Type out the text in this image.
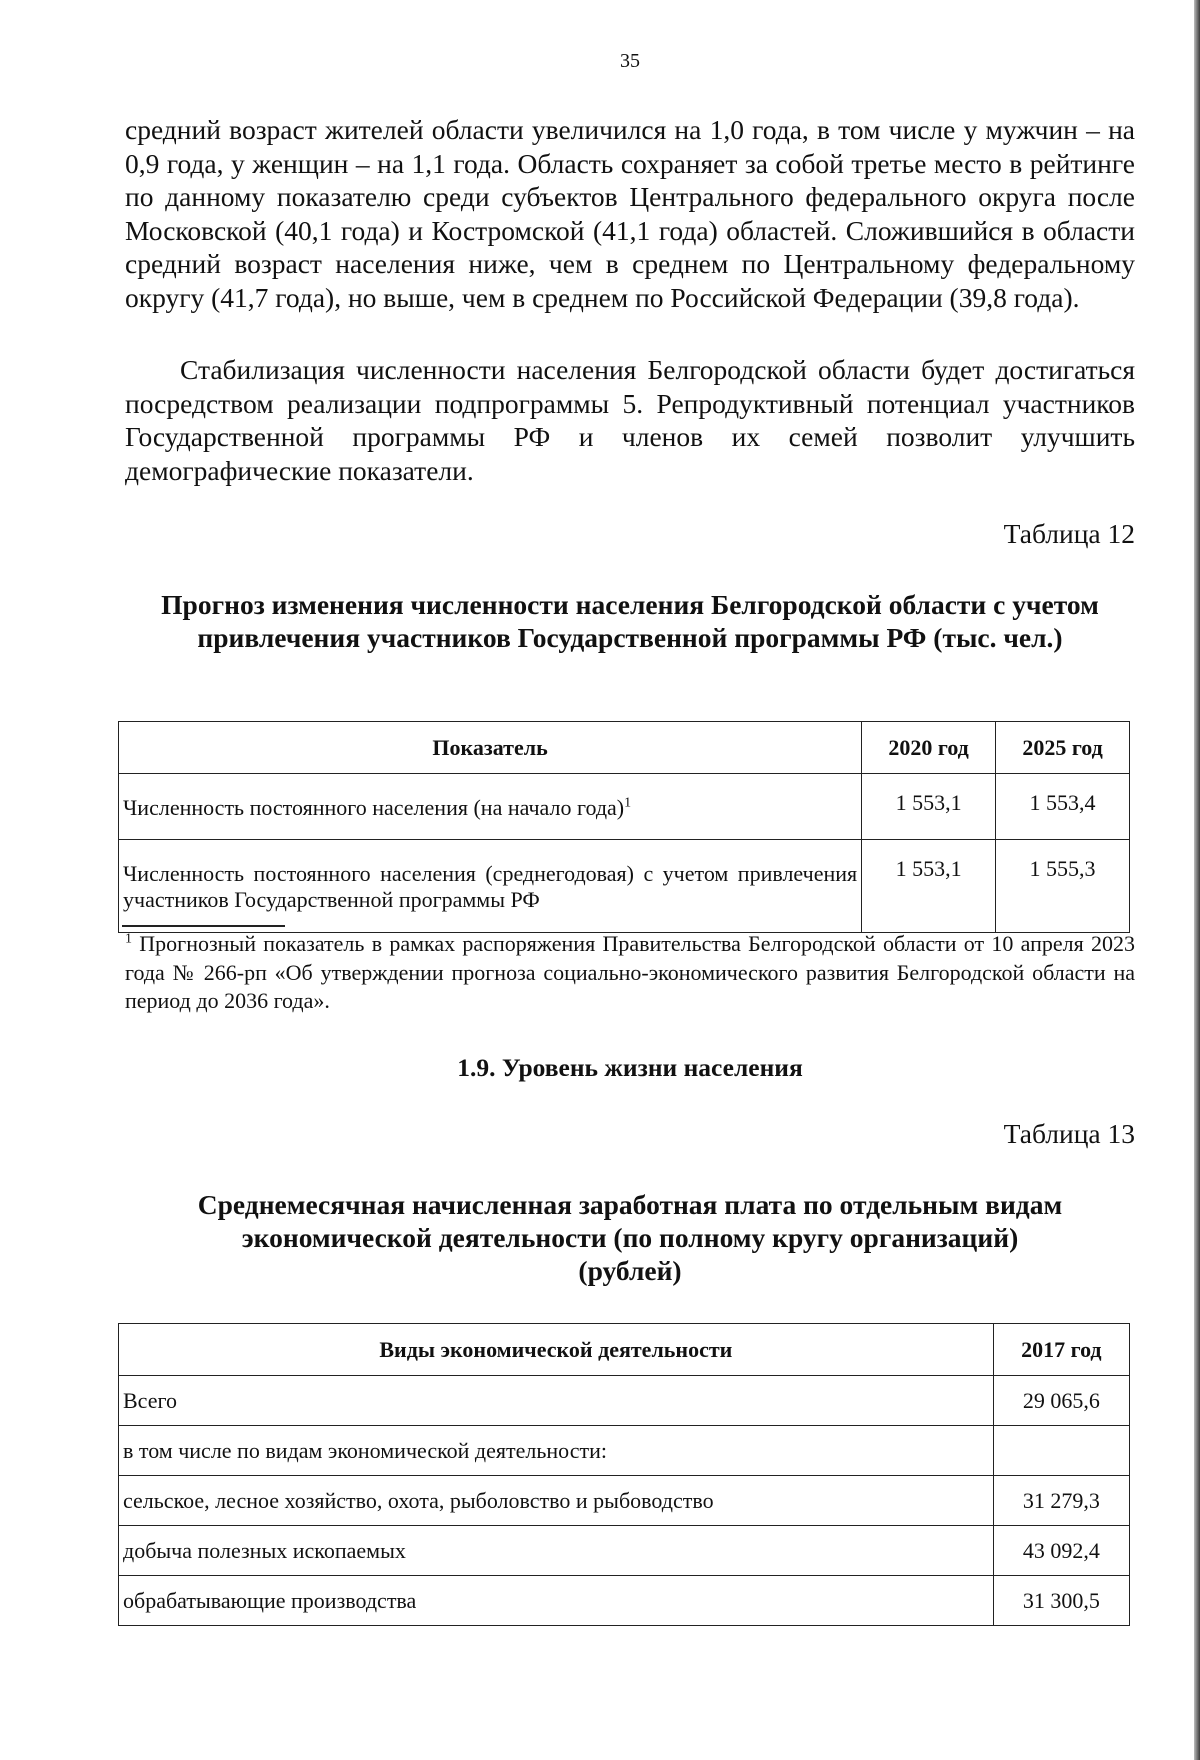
35

средний возраст жителей области увеличился на 1,0 года, в том числе у мужчин – на 0,9 года, у женщин – на 1,1 года. Область сохраняет за собой третье место в рейтинге по данному показателю среди субъектов Центрального федерального округа после Московской (40,1 года) и Костромской (41,1 года) областей. Сложившийся в области средний возраст населения ниже, чем в среднем по Центральному федеральному округу (41,7 года), но выше, чем в среднем по Российской Федерации (39,8 года).

Стабилизация численности населения Белгородской области будет достигаться посредством реализации подпрограммы 5. Репродуктивный потенциал участников Государственной программы РФ и членов их семей позволит улучшить демографические показатели.

Таблица 12

Прогноз изменения численности населения Белгородской области с учетом привлечения участников Государственной программы РФ (тыс. чел.)

Показатель	2020 год	2025 год
Численность постоянного населения (на начало года)$^1$	1 553,1	1 553,4
Численность постоянного населения (среднегодовая) с учетом привлечения участников Государственной программы РФ	1 553,1	1 555,3

$^1$ Прогнозный показатель в рамках распоряжения Правительства Белгородской области от 10 апреля 2023 года № 266-рп «Об утверждении прогноза социально-экономического развития Белгородской области на период до 2036 года».

1.9. Уровень жизни населения
Таблица 13

Среднемесячная начисленная заработная плата по отдельным видам экономической деятельности (по полному кругу организаций) (рублей)

Виды экономической деятельности	2017 год
Всего	29 065,6
в том числе по видам экономической деятельности:	
сельское, лесное хозяйство, охота, рыболовство и рыбоводство	31 279,3
добыча полезных ископаемых	43 092,4
обрабатывающие производства	31 300,5
